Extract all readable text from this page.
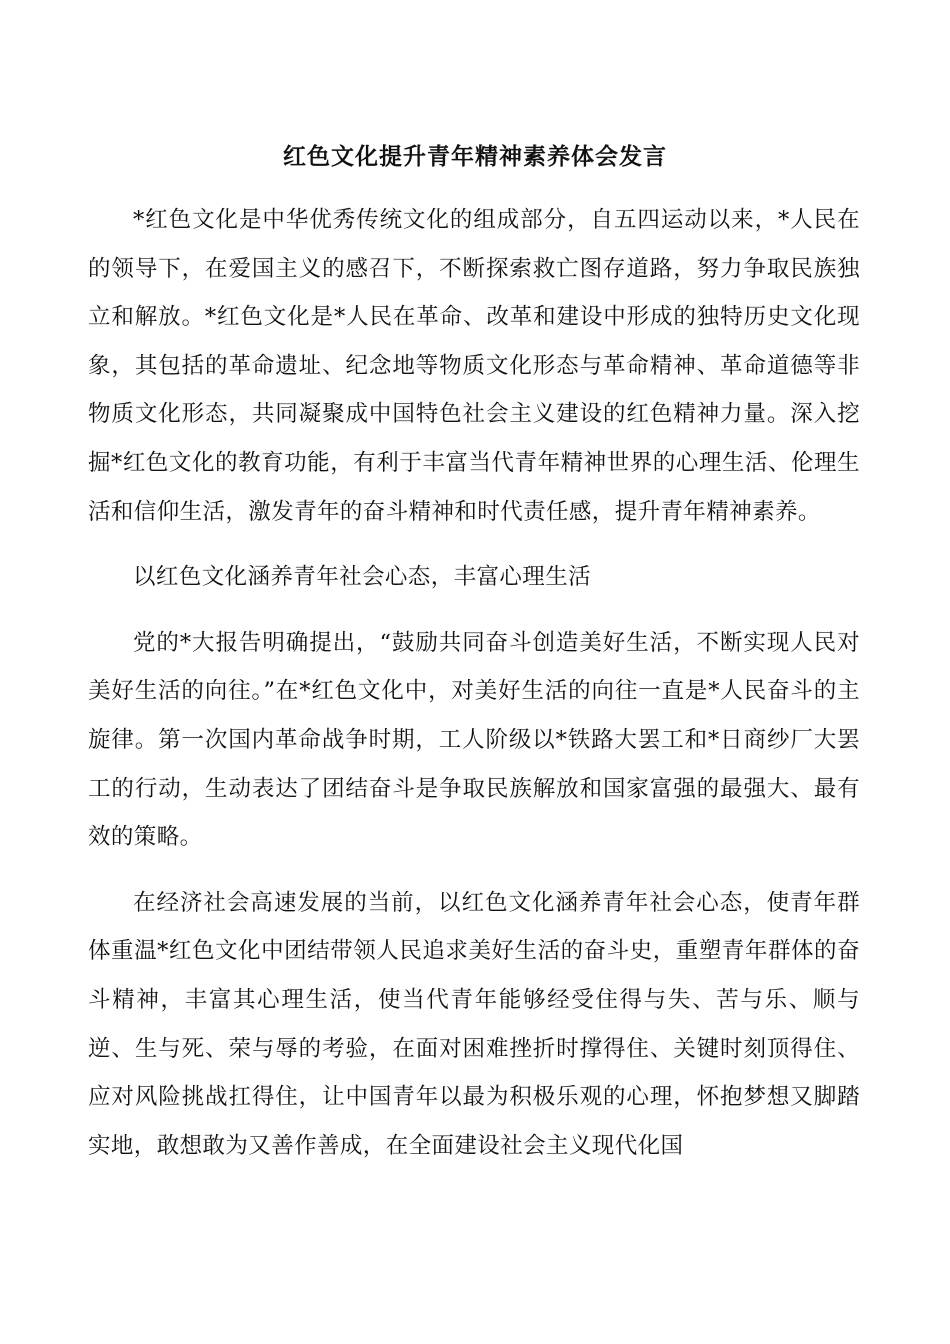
红色文化提升青年精神素养体会发言

*红色文化是中华优秀传统文化的组成部分，自五四运动以来，*人民在的领导下，在爱国主义的感召下，不断探索救亡图存道路，努力争取民族独立和解放。*红色文化是*人民在革命、改革和建设中形成的独特历史文化现象，其包括的革命遗址、纪念地等物质文化形态与革命精神、革命道德等非物质文化形态，共同凝聚成中国特色社会主义建设的红色精神力量。深入挖掘*红色文化的教育功能，有利于丰富当代青年精神世界的心理生活、伦理生活和信仰生活，激发青年的奋斗精神和时代责任感，提升青年精神素养。

以红色文化涵养青年社会心态，丰富心理生活

党的*大报告明确提出，“鼓励共同奋斗创造美好生活，不断实现人民对美好生活的向往。”在*红色文化中，对美好生活的向往一直是*人民奋斗的主旋律。第一次国内革命战争时期，工人阶级以*铁路大罢工和*日商纱厂大罢工的行动，生动表达了团结奋斗是争取民族解放和国家富强的最强大、最有效的策略。

在经济社会高速发展的当前，以红色文化涵养青年社会心态，使青年群体重温*红色文化中团结带领人民追求美好生活的奋斗史，重塑青年群体的奋斗精神，丰富其心理生活，使当代青年能够经受住得与失、苦与乐、顺与逆、生与死、荣与辱的考验，在面对困难挫折时撑得住、关键时刻顶得住、应对风险挑战扛得住，让中国青年以最为积极乐观的心理，怀抱梦想又脚踏实地，敢想敢为又善作善成，在全面建设社会主义现代化国
